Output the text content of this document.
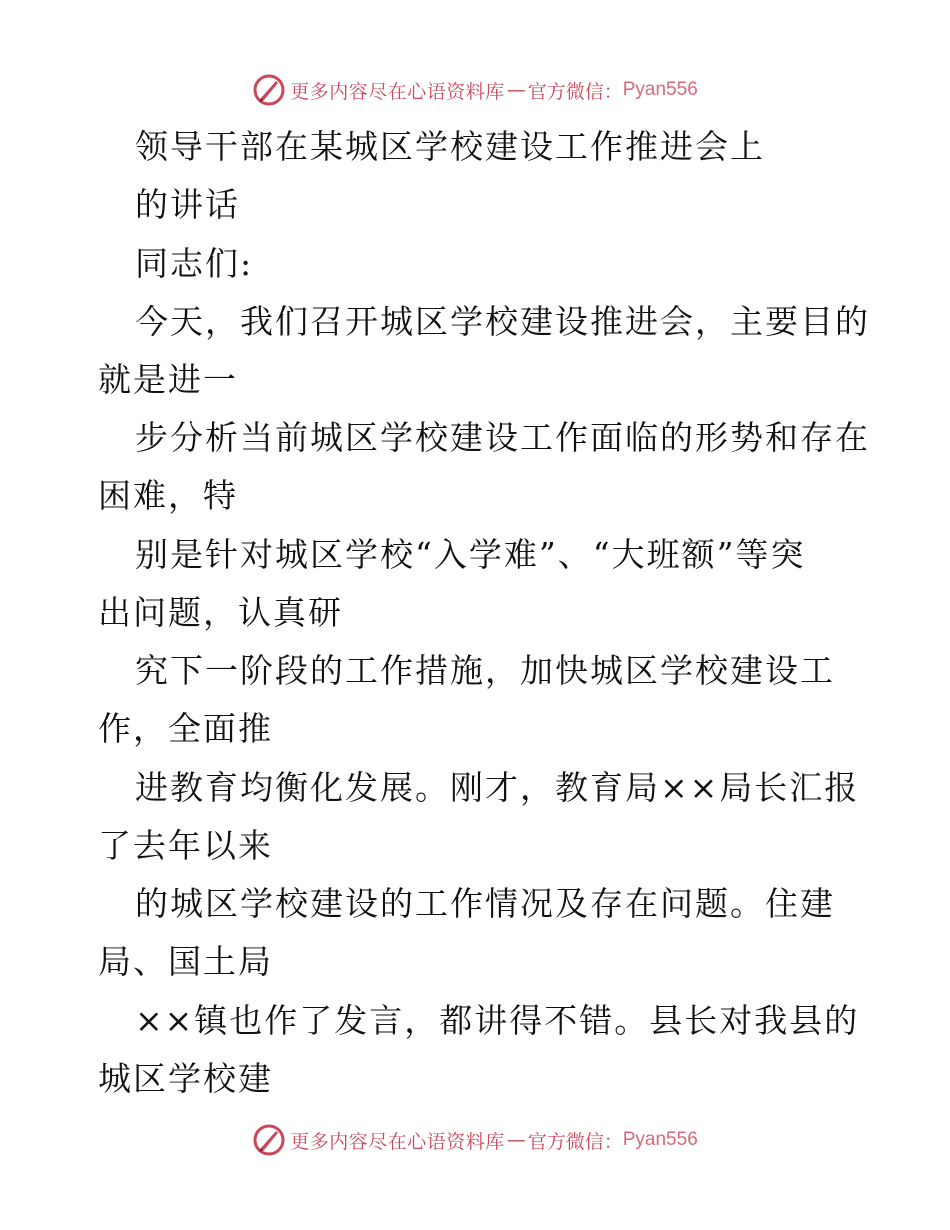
更多内容尽在心语资料库 — 官方微信： Pyan556
领导干部在某城区学校建设工作推进会上
的讲话
同志们:
今天，我们召开城区学校建设推进会，主要目的
就是进一
步分析当前城区学校建设工作面临的形势和存在
困难，特
别是针对城区学校“入学难”、“大班额”等突
出问题，认真研
究下一阶段的工作措施，加快城区学校建设工
作，全面推
进教育均衡化发展。刚才，教育局××局长汇报
了去年以来
的城区学校建设的工作情况及存在问题。住建
局、国土局
××镇也作了发言，都讲得不错。县长对我县的
城区学校建
更多内容尽在心语资料库 — 官方微信： Pyan556
